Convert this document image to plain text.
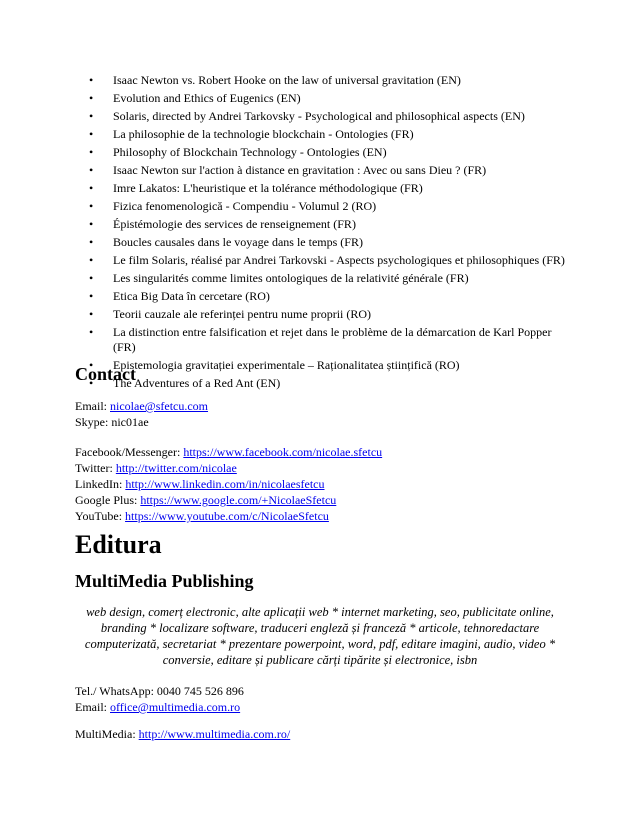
• Isaac Newton vs. Robert Hooke on the law of universal gravitation (EN)
• Evolution and Ethics of Eugenics (EN)
• Solaris, directed by Andrei Tarkovsky - Psychological and philosophical aspects (EN)
• La philosophie de la technologie blockchain - Ontologies (FR)
• Philosophy of Blockchain Technology - Ontologies (EN)
• Isaac Newton sur l'action à distance en gravitation : Avec ou sans Dieu ? (FR)
• Imre Lakatos: L'heuristique et la tolérance méthodologique (FR)
• Fizica fenomenologică - Compendiu - Volumul 2 (RO)
• Épistémologie des services de renseignement (FR)
• Boucles causales dans le voyage dans le temps (FR)
• Le film Solaris, réalisé par Andrei Tarkovski - Aspects psychologiques et philosophiques (FR)
• Les singularités comme limites ontologiques de la relativité générale (FR)
• Etica Big Data în cercetare (RO)
• Teorii cauzale ale referinței pentru nume proprii (RO)
• La distinction entre falsification et rejet dans le problème de la démarcation de Karl Popper (FR)
• Epistemologia gravitației experimentale – Raționalitatea științifică (RO)
• The Adventures of a Red Ant (EN)
Contact

Email: nicolae@sfetcu.com

Skype: nic01ae

Facebook/Messenger: https://www.facebook.com/nicolae.sfetcu

Twitter: http://twitter.com/nicolae

LinkedIn: http://www.linkedin.com/in/nicolaesfetcu

Google Plus: https://www.google.com/+NicolaeSfetcu

YouTube: https://www.youtube.com/c/NicolaeSfetcu

Editura
MultiMedia Publishing

web design, comerț electronic, alte aplicații web * internet marketing, seo, publicitate online, branding * localizare software, traduceri engleză și franceză * articole, tehnoredactare computerizată, secretariat * prezentare powerpoint, word, pdf, editare imagini, audio, video * conversie, editare și publicare cărți tipărite și electronice, isbn

Tel./ WhatsApp: 0040 745 526 896

Email: office@multimedia.com.ro

MultiMedia: http://www.multimedia.com.ro/
